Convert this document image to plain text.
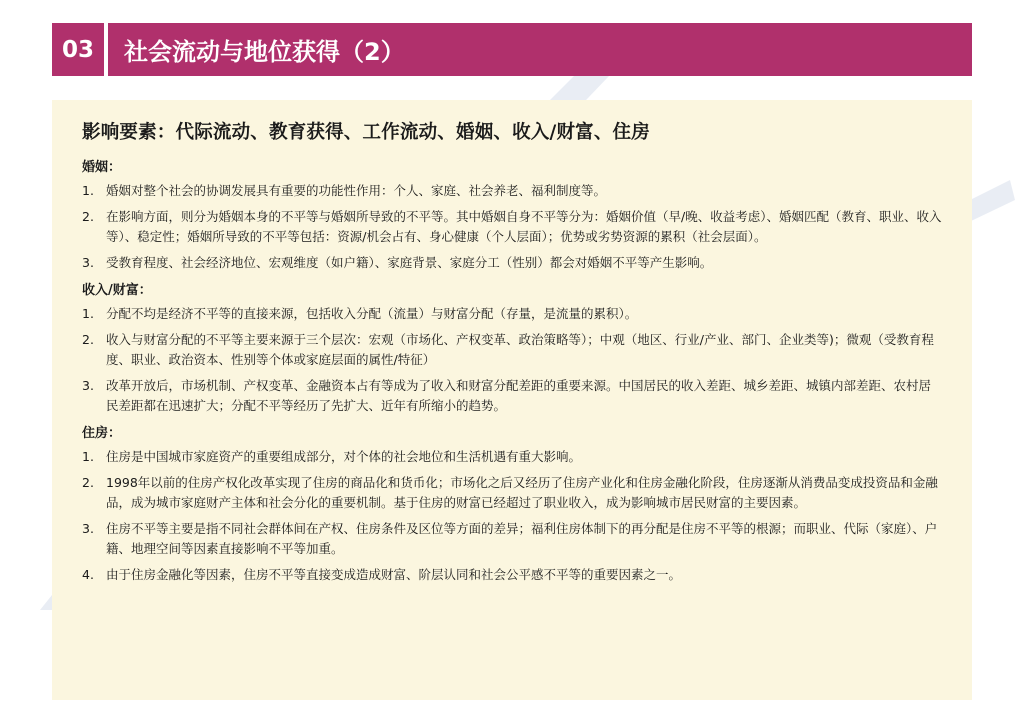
03 社会流动与地位获得（2）
影响要素：代际流动、教育获得、工作流动、婚姻、收入/财富、住房
婚姻：
1. 婚姻对整个社会的协调发展具有重要的功能性作用：个人、家庭、社会养老、福利制度等。
2. 在影响方面，则分为婚姻本身的不平等与婚姻所导致的不平等。其中婚姻自身不平等分为：婚姻价值（早/晚、收益考虑）、婚姻匹配（教育、职业、收入等）、稳定性；婚姻所导致的不平等包括：资源/机会占有、身心健康（个人层面）；优势或劣势资源的累积（社会层面）。
3. 受教育程度、社会经济地位、宏观维度（如户籍）、家庭背景、家庭分工（性别）都会对婚姻不平等产生影响。
收入/财富：
1. 分配不均是经济不平等的直接来源，包括收入分配（流量）与财富分配（存量，是流量的累积）。
2. 收入与财富分配的不平等主要来源于三个层次：宏观（市场化、产权变革、政治策略等）；中观（地区、行业/产业、部门、企业类等)；微观（受教育程度、职业、政治资本、性别等个体或家庭层面的属性/特征）
3. 改革开放后，市场机制、产权变革、金融资本占有等成为了收入和财富分配差距的重要来源。中国居民的收入差距、城乡差距、城镇内部差距、农村居民差距都在迅速扩大；分配不平等经历了先扩大、近年有所缩小的趋势。
住房：
1. 住房是中国城市家庭资产的重要组成部分，对个体的社会地位和生活机遇有重大影响。
2. 1998年以前的住房产权化改革实现了住房的商品化和货币化；市场化之后又经历了住房产业化和住房金融化阶段，住房逐渐从消费品变成投资品和金融品，成为城市家庭财产主体和社会分化的重要机制。基于住房的财富已经超过了职业收入，成为影响城市居民财富的主要因素。
3. 住房不平等主要是指不同社会群体间在产权、住房条件及区位等方面的差异；福利住房体制下的再分配是住房不平等的根源；而职业、代际（家庭）、户籍、地理空间等因素直接影响不平等加重。
4. 由于住房金融化等因素，住房不平等直接变成造成财富、阶层认同和社会公平感不平等的重要因素之一。
